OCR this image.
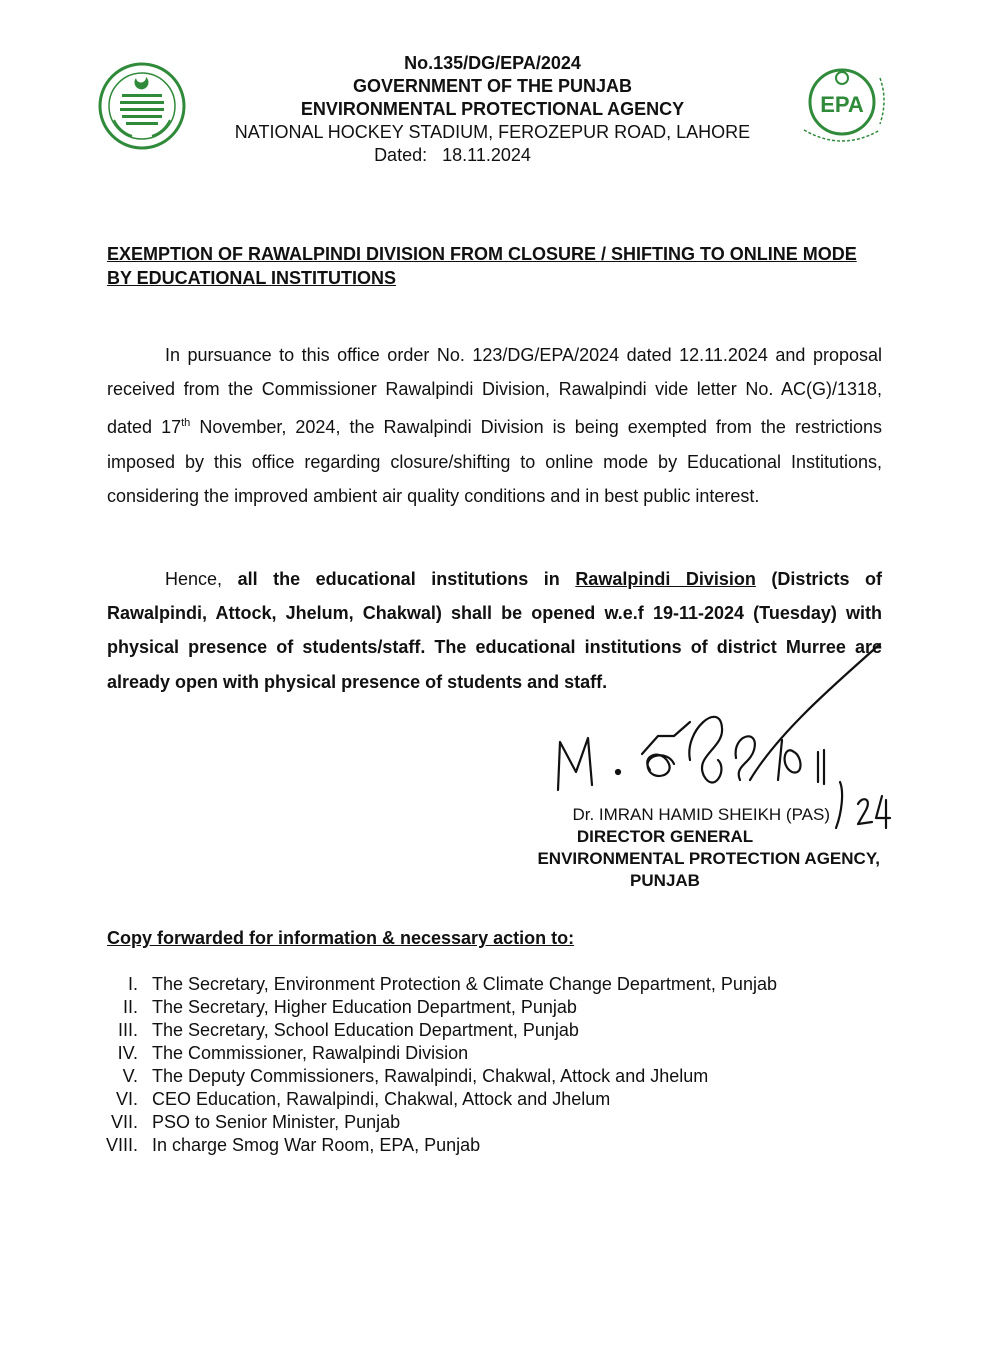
EPA
No.135/DG/EPA/2024
GOVERNMENT OF THE PUNJAB
ENVIRONMENTAL PROTECTIONAL AGENCY
NATIONAL HOCKEY STADIUM, FEROZEPUR ROAD, LAHORE
Dated: 18.11.2024
EXEMPTION OF RAWALPINDI DIVISION FROM CLOSURE / SHIFTING TO ONLINE MODE BY EDUCATIONAL INSTITUTIONS
In pursuance to this office order No. 123/DG/EPA/2024 dated 12.11.2024 and proposal received from the Commissioner Rawalpindi Division, Rawalpindi vide letter No. AC(G)/1318, dated 17th November, 2024, the Rawalpindi Division is being exempted from the restrictions imposed by this office regarding closure/shifting to online mode by Educational Institutions, considering the improved ambient air quality conditions and in best public interest.
Hence, all the educational institutions in Rawalpindi Division (Districts of Rawalpindi, Attock, Jhelum, Chakwal) shall be opened w.e.f 19-11-2024 (Tuesday) with physical presence of students/staff. The educational institutions of district Murree are already open with physical presence of students and staff.
Dr. IMRAN HAMID SHEIKH (PAS)
DIRECTOR GENERAL
ENVIRONMENTAL PROTECTION AGENCY,
PUNJAB
Copy forwarded for information & necessary action to:
I. The Secretary, Environment Protection & Climate Change Department, Punjab
II. The Secretary, Higher Education Department, Punjab
III. The Secretary, School Education Department, Punjab
IV. The Commissioner, Rawalpindi Division
V. The Deputy Commissioners, Rawalpindi, Chakwal, Attock and Jhelum
VI. CEO Education, Rawalpindi, Chakwal, Attock and Jhelum
VII. PSO to Senior Minister, Punjab
VIII. In charge Smog War Room, EPA, Punjab
